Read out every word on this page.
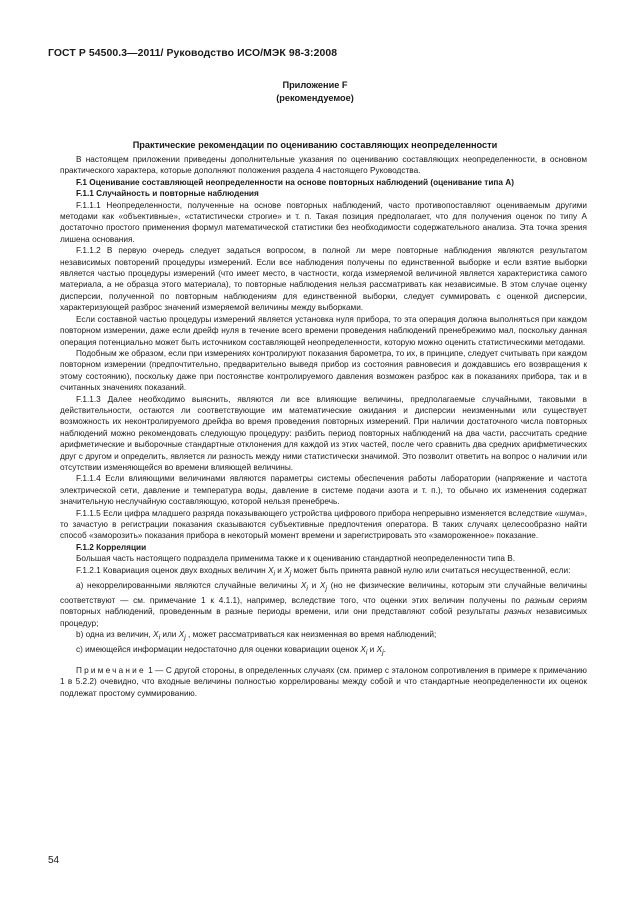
ГОСТ Р 54500.3—2011/ Руководство ИСО/МЭК 98-3:2008
Приложение F
(рекомендуемое)
Практические рекомендации по оцениванию составляющих неопределенности

В настоящем приложении приведены дополнительные указания по оцениванию составляющих неопределенности, в основном практического характера, которые дополняют положения раздела 4 настоящего Руководства.

F.1 Оценивание составляющей неопределенности на основе повторных наблюдений (оценивание типа А)

F.1.1 Случайность и повторные наблюдения

F.1.1.1 Неопределенности, полученные на основе повторных наблюдений, часто противопоставляют оцениваемым другими методами как «объективные», «статистически строгие» и т. п. Такая позиция предполагает, что для получения оценок по типу А достаточно простого применения формул математической статистики без необходимости содержательного анализа. Эта точка зрения лишена основания.

F.1.1.2 В первую очередь следует задаться вопросом, в полной ли мере повторные наблюдения являются результатом независимых повторений процедуры измерений. Если все наблюдения получены по единственной выборке и если взятие выборки является частью процедуры измерений (что имеет место, в частности, когда измеряемой величиной является характеристика самого материала, а не образца этого материала), то повторные наблюдения нельзя рассматривать как независимые. В этом случае оценку дисперсии, полученной по повторным наблюдениям для единственной выборки, следует суммировать с оценкой дисперсии, характеризующей разброс значений измеряемой величины между выборками.

Если составной частью процедуры измерений является установка нуля прибора, то эта операция должна выполняться при каждом повторном измерении, даже если дрейф нуля в течение всего времени проведения наблюдений пренебрежимо мал, поскольку данная операция потенциально может быть источником составляющей неопределенности, которую можно оценить статистическими методами.

Подобным же образом, если при измерениях контролируют показания барометра, то их, в принципе, следует считывать при каждом повторном измерении (предпочтительно, предварительно выведя прибор из состояния равновесия и дождавшись его возвращения к этому состоянию), поскольку даже при постоянстве контролируемого давления возможен разброс как в показаниях прибора, так и в считанных значениях показаний.

F.1.1.3 Далее необходимо выяснить, являются ли все влияющие величины, предполагаемые случайными, таковыми в действительности, остаются ли соответствующие им математические ожидания и дисперсии неизменными или существует возможность их неконтролируемого дрейфа во время проведения повторных измерений. При наличии достаточного числа повторных наблюдений можно рекомендовать следующую процедуру: разбить период повторных наблюдений на два части, рассчитать средние арифметические и выборочные стандартные отклонения для каждой из этих частей, после чего сравнить два средних арифметических друг с другом и определить, является ли разность между ними статистически значимой. Это позволит ответить на вопрос о наличии или отсутствии изменяющейся во времени влияющей величины.

F.1.1.4 Если влияющими величинами являются параметры системы обеспечения работы лаборатории (напряжение и частота электрической сети, давление и температура воды, давление в системе подачи азота и т. п.), то обычно их изменения содержат значительную неслучайную составляющую, которой нельзя пренебречь.

F.1.1.5 Если цифра младшего разряда показывающего устройства цифрового прибора непрерывно изменяется вследствие «шума», то зачастую в регистрации показания сказываются субъективные предпочтения оператора. В таких случаях целесообразно найти способ «заморозить» показания прибора в некоторый момент времени и зарегистрировать это «замороженное» показание.

F.1.2 Корреляции

Большая часть настоящего подраздела применима также и к оцениванию стандартной неопределенности типа В.

F.1.2.1 Ковариация оценок двух входных величин $X_i$ и $X_j$ может быть принята равной нулю или считаться несущественной, если:

а) некоррелированными являются случайные величины $X_i$ и $X_j$ (но не физические величины, которым эти случайные величины соответствуют — см. примечание 1 к 4.1.1), например, вследствие того, что оценки этих величин получены по разным сериям повторных наблюдений, проведенным в разные периоды времени, или они представляют собой результаты разных независимых процедур;

b) одна из величин, $X_i$ или $X_j$ , может рассматриваться как неизменная во время наблюдений;

c) имеющейся информации недостаточно для оценки ковариации оценок $X_i$ и $X_j$.

Примечание 1 — С другой стороны, в определенных случаях (см. пример с эталоном сопротивления в примере к примечанию 1 в 5.2.2) очевидно, что входные величины полностью коррелированы между собой и что стандартные неопределенности их оценок подлежат простому суммированию.

54
